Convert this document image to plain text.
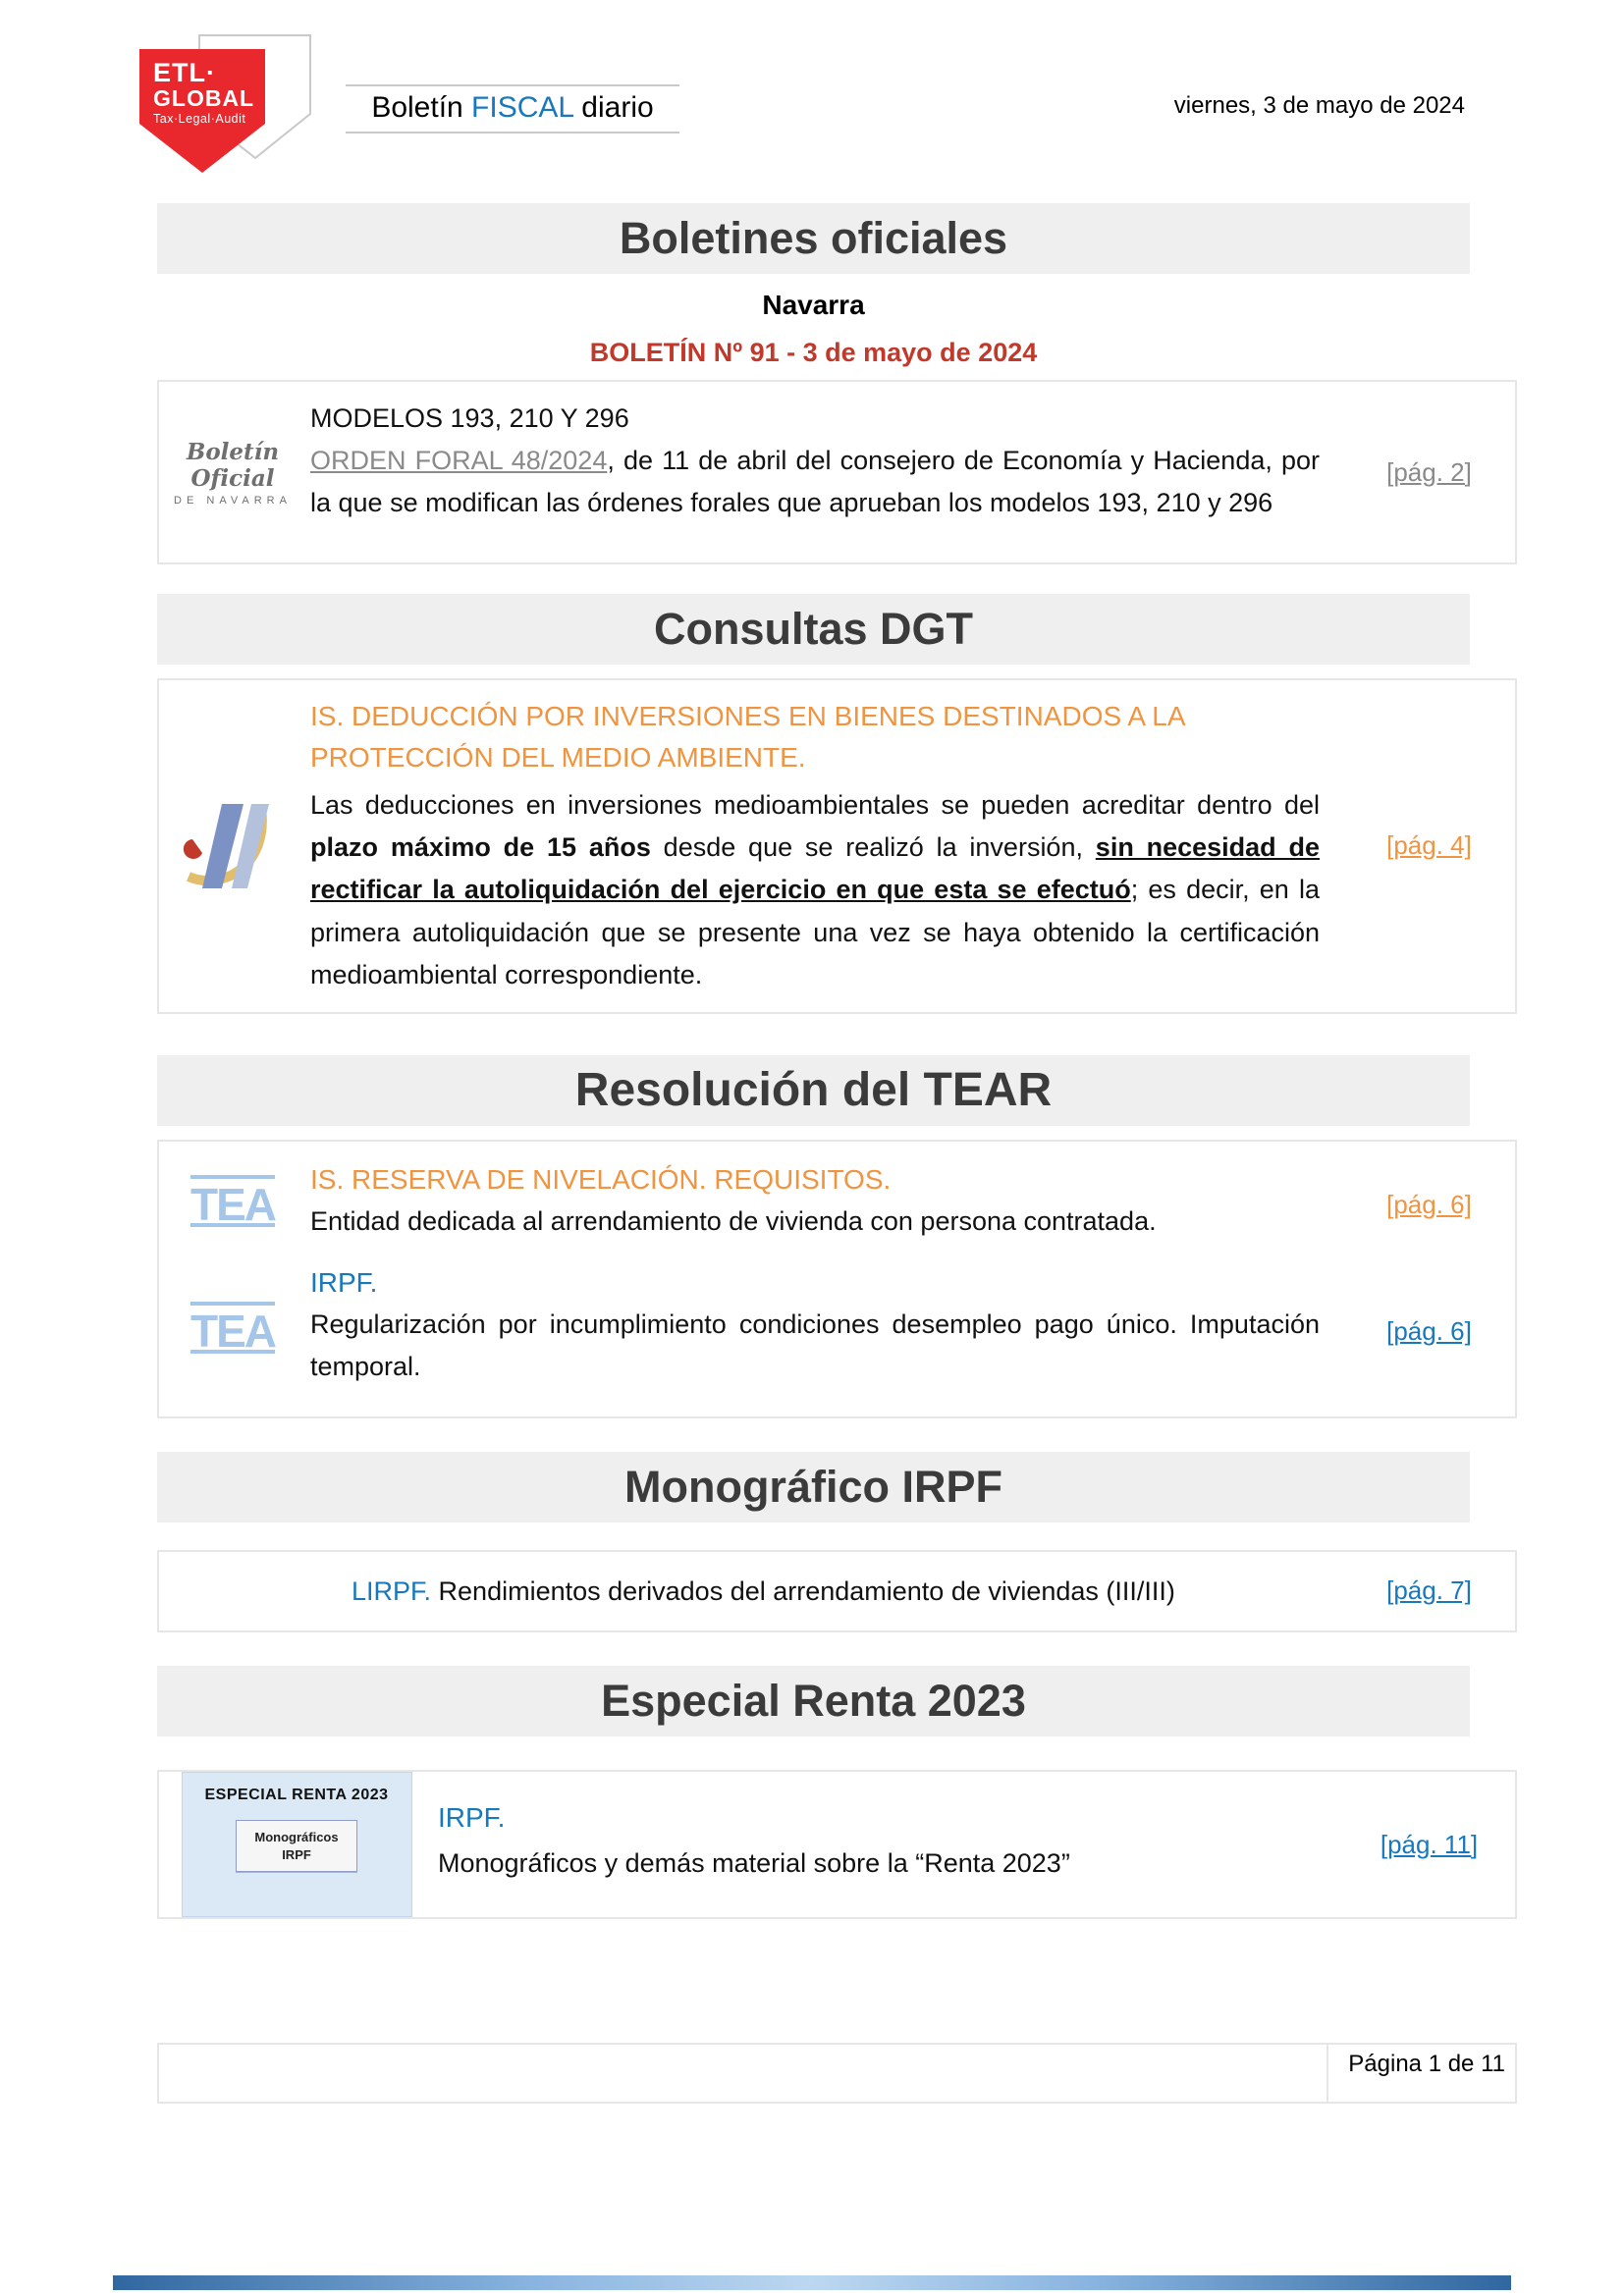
ETL·
GLOBAL
Tax·Legal·Audit	Boletín FISCAL diario	viernes, 3 de mayo de 2024
Boletines oficiales
Navarra
BOLETÍN Nº 91 - 3 de mayo de 2024
Boletín Oficial
DE NAVARRA
MODELOS 193, 210 Y 296
ORDEN FORAL 48/2024, de 11 de abril del consejero de Economía y Hacienda, por la que se modifican las órdenes forales que aprueban los modelos 193, 210 y 296
[pág. 2]
Consultas DGT
IS. DEDUCCIÓN POR INVERSIONES EN BIENES DESTINADOS A LA PROTECCIÓN DEL MEDIO AMBIENTE.
Las deducciones en inversiones medioambientales se pueden acreditar dentro del plazo máximo de 15 años desde que se realizó la inversión, sin necesidad de rectificar la autoliquidación del ejercicio en que esta se efectuó; es decir, en la primera autoliquidación que se presente una vez se haya obtenido la certificación medioambiental correspondiente.
[pág. 4]
Resolución del TEAR
TEA IS. RESERVA DE NIVELACIÓN. REQUISITOS.
Entidad dedicada al arrendamiento de vivienda con persona contratada.
[pág. 6]
TEA
IRPF.
Regularización por incumplimiento condiciones desempleo pago único. Imputación temporal.
[pág. 6]
Monográfico IRPF
LIRPF. Rendimientos derivados del arrendamiento de viviendas (III/III)	[pág. 7]
Especial Renta 2023
ESPECIAL RENTA 2023
Monográficos IRPF
IRPF.
Monográficos y demás material sobre la “Renta 2023”
[pág. 11]
Página 1 de 11
